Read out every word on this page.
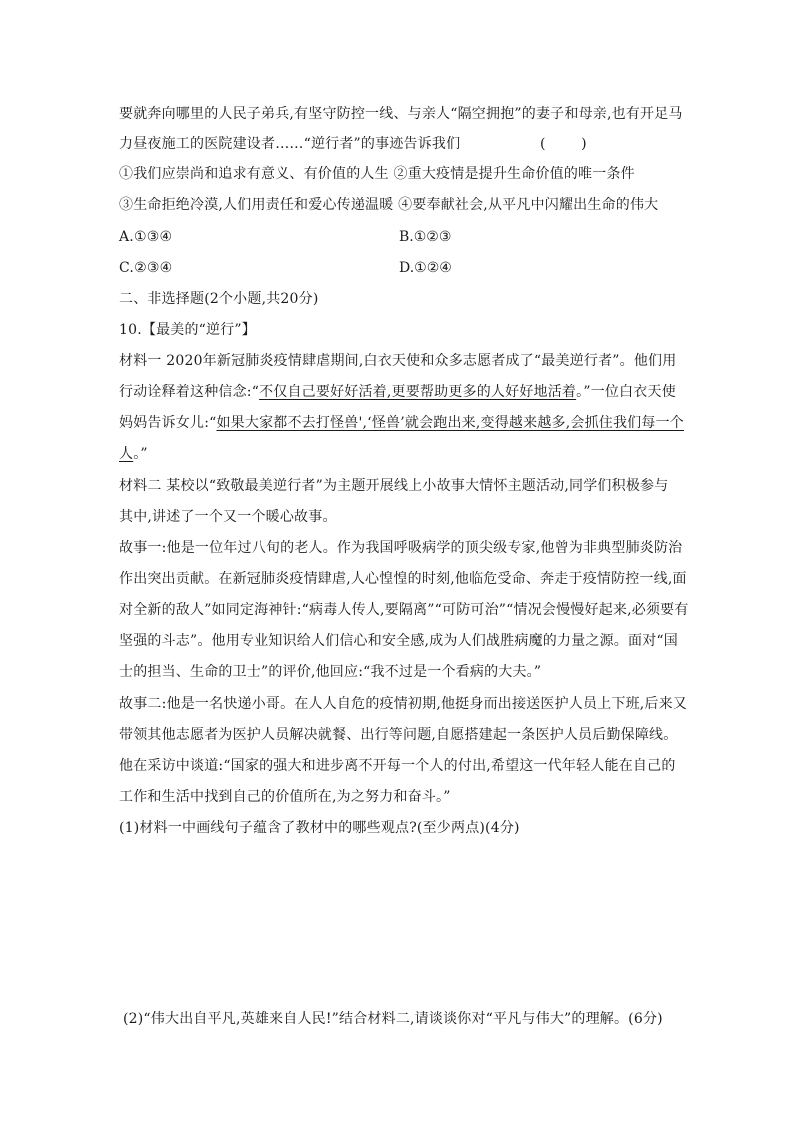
要就奔向哪里的人民子弟兵,有坚守防控一线、与亲人“隔空拥抱”的妻子和母亲,也有开足马
力昼夜施工的医院建设者……“逆行者”的事迹告诉我们	(        )
①我们应崇尚和追求有意义、有价值的人生 ②重大疫情是提升生命价值的唯一条件
③生命拒绝冷漠,人们用责任和爱心传递温暖 ④要奉献社会,从平凡中闪耀出生命的伟大
A.①③④	B.①②③
C.②③④	D.①②④
二、非选择题(2个小题,共20分)
10.【最美的“逆行”】
材料一 2020年新冠肺炎疫情肆虐期间,白衣天使和众多志愿者成了“最美逆行者”。他们用
行动诠释着这种信念:“不仅自己要好好活着,更要帮助更多的人好好地活着。”一位白衣天使
妈妈告诉女儿:“如果大家都不去打怪兽',‘怪兽’就会跑出来,变得越来越多,会抓住我们每一个
人。”
材料二 某校以“致敬最美逆行者”为主题开展线上小故事大情怀主题活动,同学们积极参与
其中,讲述了一个又一个暖心故事。
故事一:他是一位年过八旬的老人。作为我国呼吸病学的顶尖级专家,他曾为非典型肺炎防治
作出突出贡献。在新冠肺炎疫情肆虐,人心惶惶的时刻,他临危受命、奔走于疫情防控一线,面
对全新的敌人”如同定海神针:“病毒人传人,要隔离”“可防可治”“情况会慢慢好起来,必须要有
坚强的斗志”。他用专业知识给人们信心和安全感,成为人们战胜病魔的力量之源。面对“国
士的担当、生命的卫士”的评价,他回应:“我不过是一个看病的大夫。”
故事二:他是一名快递小哥。在人人自危的疫情初期,他挺身而出接送医护人员上下班,后来又
带领其他志愿者为医护人员解决就餐、出行等问题,自愿搭建起一条医护人员后勤保障线。
他在采访中谈道:“国家的强大和进步离不开每一个人的付出,希望这一代年轻人能在自己的
工作和生活中找到自己的价值所在,为之努力和奋斗。”
(1)材料一中画线句子蕴含了教材中的哪些观点?(至少两点)(4分)
(2)“伟大出自平凡,英雄来自人民!”结合材料二,请谈谈你对“平凡与伟大”的理解。(6分)
